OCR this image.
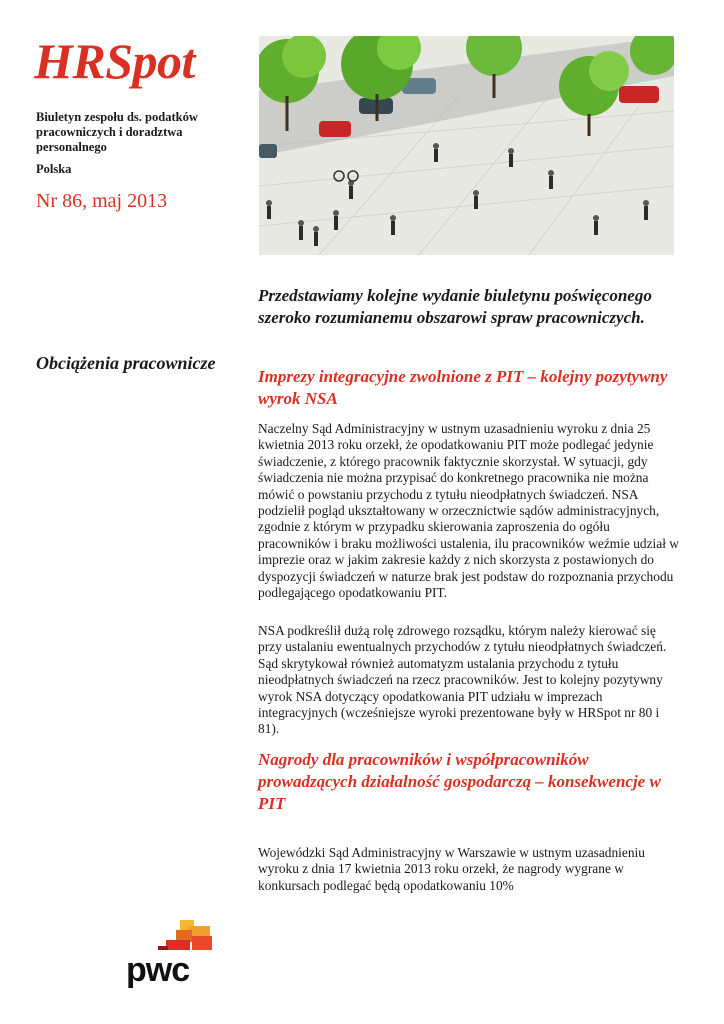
HRSpot
Biuletyn zespołu ds. podatków pracowniczych i doradztwa personalnego
Polska
Nr 86, maj 2013
Obciążenia pracownicze
Przedstawiamy kolejne wydanie biuletynu poświęconego szeroko rozumianemu obszarowi spraw pracowniczych.
Imprezy integracyjne zwolnione z PIT – kolejny pozytywny wyrok NSA

Naczelny Sąd Administracyjny w ustnym uzasadnieniu wyroku z dnia 25 kwietnia 2013 roku orzekł, że opodatkowaniu PIT może podlegać jedynie świadczenie, z którego pracownik faktycznie skorzystał. W sytuacji, gdy świadczenia nie można przypisać do konkretnego pracownika nie można mówić o powstaniu przychodu z tytułu nieodpłatnych świadczeń. NSA podzielił pogląd ukształtowany w orzecznictwie sądów administracyjnych, zgodnie z którym w przypadku skierowania zaproszenia do ogółu pracowników i braku możliwości ustalenia, ilu pracowników weźmie udział w imprezie oraz w jakim zakresie każdy z nich skorzysta z postawionych do dyspozycji świadczeń w naturze brak jest podstaw do rozpoznania przychodu podlegającego opodatkowaniu PIT.

NSA podkreślił dużą rolę zdrowego rozsądku, którym należy kierować się przy ustalaniu ewentualnych przychodów z tytułu nieodpłatnych świadczeń. Sąd skrytykował również automatyzm ustalania przychodu z tytułu nieodpłatnych świadczeń na rzecz pracowników. Jest to kolejny pozytywny wyrok NSA dotyczący opodatkowania PIT udziału w imprezach integracyjnych (wcześniejsze wyroki prezentowane były w HRSpot nr 80 i 81).

Nagrody dla pracowników i współpracowników prowadzących działalność gospodarczą – konsekwencje w PIT

Wojewódzki Sąd Administracyjny w Warszawie w ustnym uzasadnieniu wyroku z dnia 17 kwietnia 2013 roku orzekł, że nagrody wygrane w konkursach podlegać będą opodatkowaniu 10%

pwc
